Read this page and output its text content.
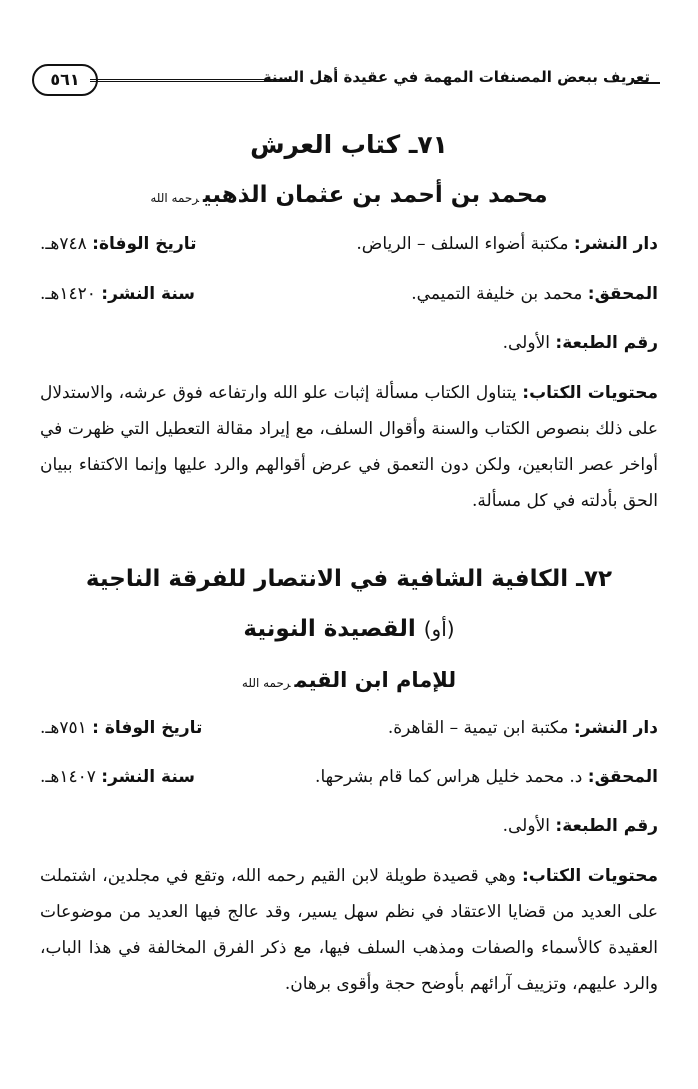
تعريف ببعض المصنفات المهمة في عقيدة أهل السنة
٥٦١
٧١ـ كتاب العرش
محمد بن أحمد بن عثمان الذهبيرحمه الله
دار النشر: مكتبة أضواء السلف – الرياض.
تاريخ الوفاة: ٧٤٨هـ.
المحقق: محمد بن خليفة التميمي.
سنة النشر: ١٤٢٠هـ.
رقم الطبعة: الأولى.
محتويات الكتاب: يتناول الكتاب مسألة إثبات علو الله وارتفاعه فوق عرشه، والاستدلال على ذلك بنصوص الكتاب والسنة وأقوال السلف، مع إيراد مقالة التعطيل التي ظهرت في أواخر عصر التابعين، ولكن دون التعمق في عرض أقوالهم والرد عليها وإنما الاكتفاء ببيان الحق بأدلته في كل مسألة.
٧٢ـ الكافية الشافية في الانتصار للفرقة الناجية
(أو) القصيدة النونية
للإمام ابن القيمرحمه الله
دار النشر: مكتبة ابن تيمية – القاهرة.
تاريخ الوفاة : ٧٥١هـ.
المحقق: د. محمد خليل هراس كما قام بشرحها.
سنة النشر: ١٤٠٧هـ.
رقم الطبعة: الأولى.
محتويات الكتاب: وهي قصيدة طويلة لابن القيم رحمه الله، وتقع في مجلدين، اشتملت على العديد من قضايا الاعتقاد في نظم سهل يسير، وقد عالج فيها العديد من موضوعات العقيدة كالأسماء والصفات ومذهب السلف فيها، مع ذكر الفرق المخالفة في هذا الباب، والرد عليهم، وتزييف آرائهم بأوضح حجة وأقوى برهان.
